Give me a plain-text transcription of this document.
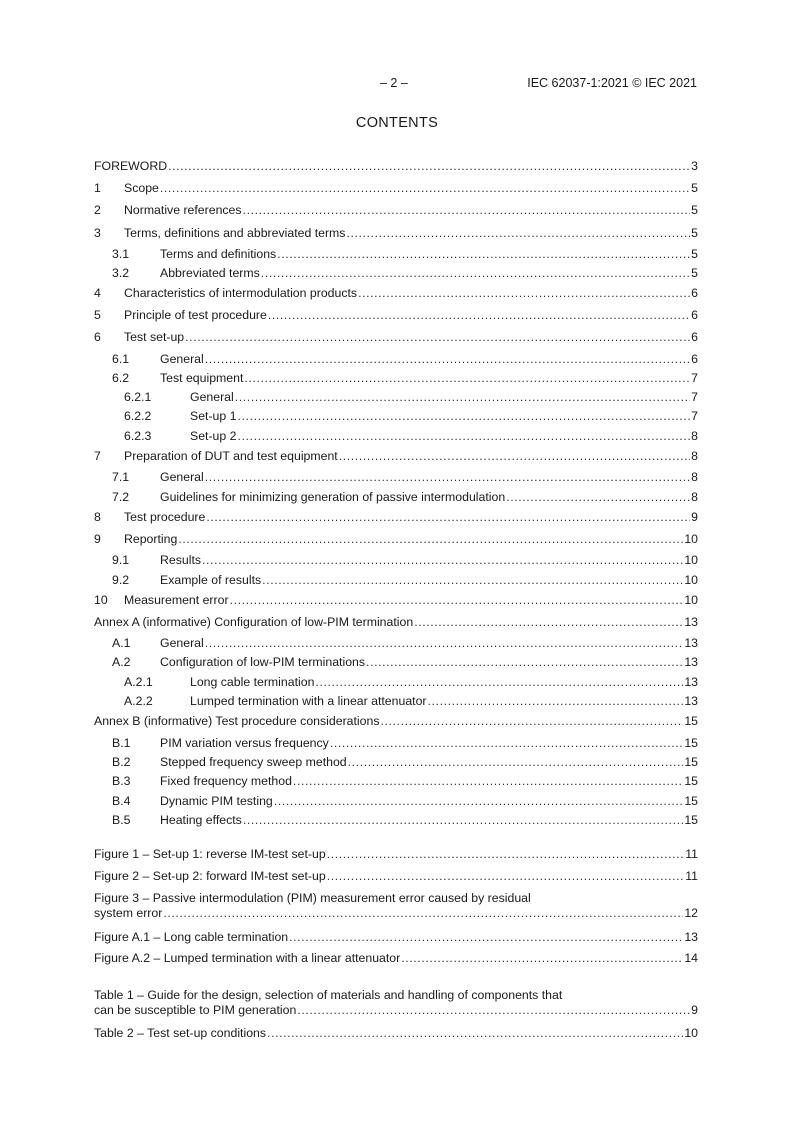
– 2 –	IEC 62037-1:2021 © IEC 2021
CONTENTS
FOREWORD .....	3
1	Scope .....	5
2	Normative references .....	5
3	Terms, definitions and abbreviated terms .....	5
3.1	Terms and definitions .....	5
3.2	Abbreviated terms .....	5
4	Characteristics of intermodulation products .....	6
5	Principle of test procedure .....	6
6	Test set-up .....	6
6.1	General .....	6
6.2	Test equipment .....	7
6.2.1	General .....	7
6.2.2	Set-up 1 .....	7
6.2.3	Set-up 2 .....	8
7	Preparation of DUT and test equipment .....	8
7.1	General .....	8
7.2	Guidelines for minimizing generation of passive intermodulation .....	8
8	Test procedure .....	9
9	Reporting .....	10
9.1	Results .....	10
9.2	Example of results .....	10
10	Measurement error .....	10
Annex A (informative) Configuration of low-PIM termination .....	13
A.1	General .....	13
A.2	Configuration of low-PIM terminations .....	13
A.2.1	Long cable termination .....	13
A.2.2	Lumped termination with a linear attenuator .....	13
Annex B (informative) Test procedure considerations .....	15
B.1	PIM variation versus frequency .....	15
B.2	Stepped frequency sweep method .....	15
B.3	Fixed frequency method .....	15
B.4	Dynamic PIM testing .....	15
B.5	Heating effects .....	15
Figure 1 – Set-up 1: reverse IM-test set-up .....	11
Figure 2 – Set-up 2: forward IM-test set-up .....	11
Figure 3 – Passive intermodulation (PIM) measurement error caused by residual
system error .....	12
Figure A.1 – Long cable termination .....	13
Figure A.2 – Lumped termination with a linear attenuator .....	14
Table 1 – Guide for the design, selection of materials and handling of components that
can be susceptible to PIM generation .....	9
Table 2 – Test set-up conditions .....	10
